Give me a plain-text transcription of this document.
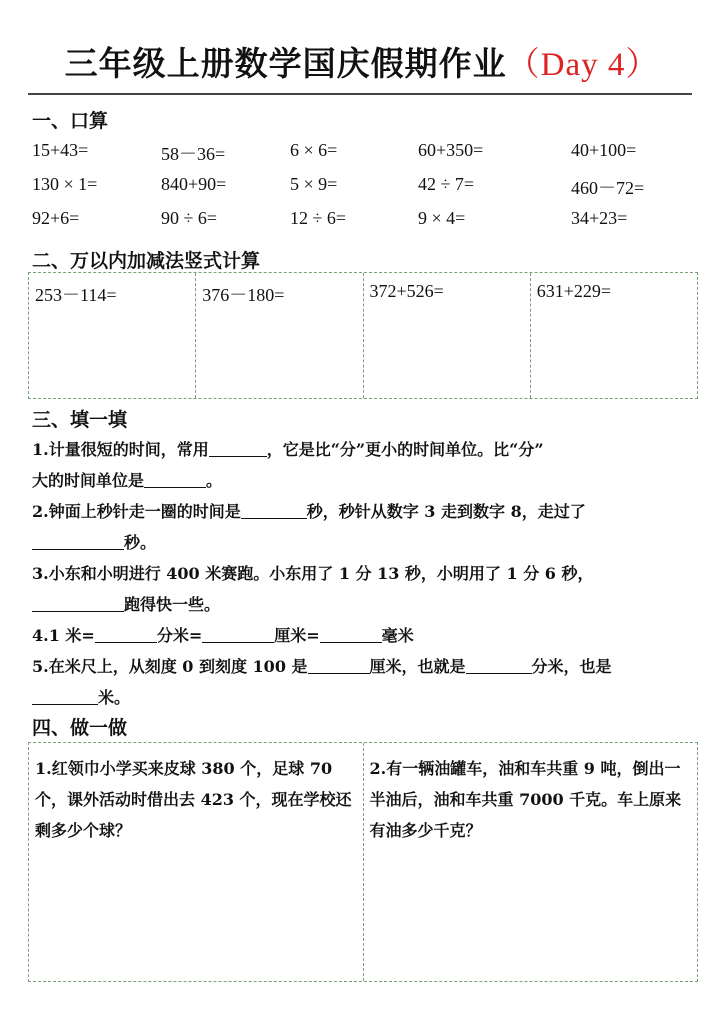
三年级上册数学国庆假期作业（Day 4）
一、口算
15+43=	58－36=	6 × 6=	60+350=	40+100=
130 × 1=	840+90=	5 × 9=	42 ÷ 7=	460－72=
92+6=	90 ÷ 6=	12 ÷ 6=	9 × 4=	34+23=
二、万以内加减法竖式计算
253－114=	376－180=	372+526=	631+229=
三、填一填

1.计量很短的时间，常用	，它是比“分”更小的时间单位。比“分”

大的时间单位是	。

2.钟面上秒针走一圈的时间是	秒，秒针从数字 3 走到数字 8，走过了

秒。

3.小东和小明进行 400 米赛跑。小东用了 1 分 13 秒，小明用了 1 分 6 秒，

跑得快一些。

4.1 米=	分米=	厘米=	毫米

5.在米尺上，从刻度 0 到刻度 100 是	厘米，也就是	分米，也是

米。

四、做一做
1.红领巾小学买来皮球 380 个，足球 70 个，课外活动时借出去 423 个，现在学校还剩多少个球？
2.有一辆油罐车，油和车共重 9 吨，倒出一半油后，油和车共重 7000 千克。车上原来有油多少千克？
